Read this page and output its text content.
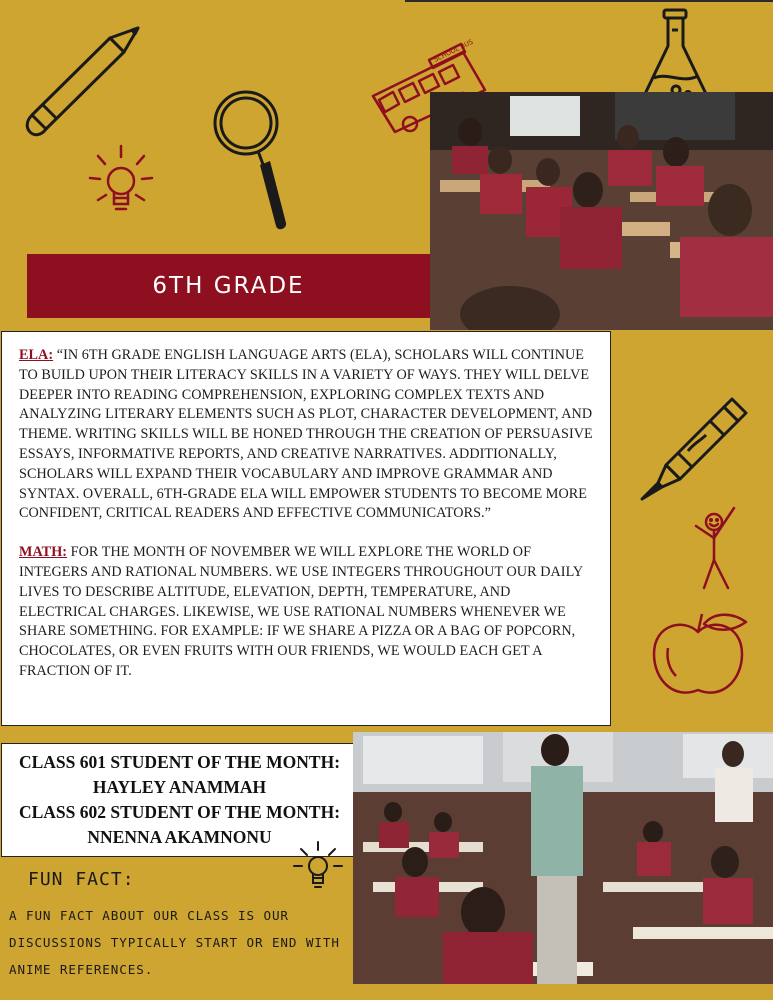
SCHOOL BUS
6TH GRADE

ELA: “IN 6TH GRADE ENGLISH LANGUAGE ARTS (ELA), SCHOLARS WILL CONTINUE TO BUILD UPON THEIR LITERACY SKILLS IN A VARIETY OF WAYS. THEY WILL DELVE DEEPER INTO READING COMPREHENSION, EXPLORING COMPLEX TEXTS AND ANALYZING LITERARY ELEMENTS SUCH AS PLOT, CHARACTER DEVELOPMENT, AND THEME. WRITING SKILLS WILL BE HONED THROUGH THE CREATION OF PERSUASIVE ESSAYS, INFORMATIVE REPORTS, AND CREATIVE NARRATIVES. ADDITIONALLY, SCHOLARS WILL EXPAND THEIR VOCABULARY AND IMPROVE GRAMMAR AND SYNTAX. OVERALL, 6TH-GRADE ELA WILL EMPOWER STUDENTS TO BECOME MORE CONFIDENT, CRITICAL READERS AND EFFECTIVE COMMUNICATORS.”

MATH: FOR THE MONTH OF NOVEMBER WE WILL EXPLORE THE WORLD OF INTEGERS AND RATIONAL NUMBERS. WE USE INTEGERS THROUGHOUT OUR DAILY LIVES TO DESCRIBE ALTITUDE, ELEVATION, DEPTH, TEMPERATURE, AND ELECTRICAL CHARGES. LIKEWISE, WE USE RATIONAL NUMBERS WHENEVER WE SHARE SOMETHING. FOR EXAMPLE: IF WE SHARE A PIZZA OR A BAG OF POPCORN, CHOCOLATES, OR EVEN FRUITS WITH OUR FRIENDS, WE WOULD EACH GET A FRACTION OF IT.

CLASS 601 STUDENT OF THE MONTH:
HAYLEY ANAMMAH
CLASS 602 STUDENT OF THE MONTH:
NNENNA AKAMNONU
FUN FACT:
A FUN FACT ABOUT OUR CLASS IS OUR DISCUSSIONS TYPICALLY START OR END WITH ANIME REFERENCES.
